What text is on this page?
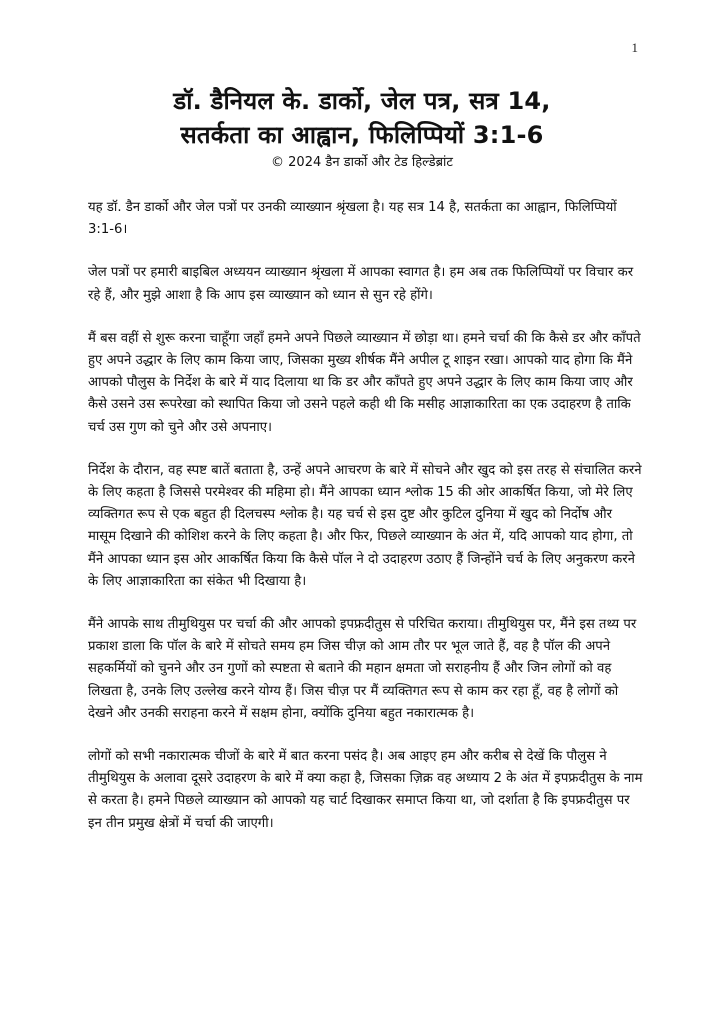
1

डॉ. डैनियल के. डार्को, जेल पत्र, सत्र 14,

सतर्कता का आह्वान, फिलिप्पियों 3:1-6

© 2024 डैन डार्को और टेड हिल्डेब्रांट

यह डॉ. डैन डार्को और जेल पत्रों पर उनकी व्याख्यान श्रृंखला है। यह सत्र 14 है, सतर्कता का आह्वान, फिलिप्पियों 3:1-6।

जेल पत्रों पर हमारी बाइबिल अध्ययन व्याख्यान श्रृंखला में आपका स्वागत है। हम अब तक फिलिप्पियों पर विचार कर रहे हैं, और मुझे आशा है कि आप इस व्याख्यान को ध्यान से सुन रहे होंगे।

मैं बस वहीं से शुरू करना चाहूँगा जहाँ हमने अपने पिछले व्याख्यान में छोड़ा था। हमने चर्चा की कि कैसे डर और काँपते हुए अपने उद्धार के लिए काम किया जाए, जिसका मुख्य शीर्षक मैंने अपील टू शाइन रखा। आपको याद होगा कि मैंने आपको पौलुस के निर्देश के बारे में याद दिलाया था कि डर और काँपते हुए अपने उद्धार के लिए काम किया जाए और कैसे उसने उस रूपरेखा को स्थापित किया जो उसने पहले कही थी कि मसीह आज्ञाकारिता का एक उदाहरण है ताकि चर्च उस गुण को चुने और उसे अपनाए।

निर्देश के दौरान, वह स्पष्ट बातें बताता है, उन्हें अपने आचरण के बारे में सोचने और खुद को इस तरह से संचालित करने के लिए कहता है जिससे परमेश्वर की महिमा हो। मैंने आपका ध्यान श्लोक 15 की ओर आकर्षित किया, जो मेरे लिए व्यक्तिगत रूप से एक बहुत ही दिलचस्प श्लोक है। यह चर्च से इस दुष्ट और कुटिल दुनिया में खुद को निर्दोष और मासूम दिखाने की कोशिश करने के लिए कहता है। और फिर, पिछले व्याख्यान के अंत में, यदि आपको याद होगा, तो मैंने आपका ध्यान इस ओर आकर्षित किया कि कैसे पॉल ने दो उदाहरण उठाए हैं जिन्होंने चर्च के लिए अनुकरण करने के लिए आज्ञाकारिता का संकेत भी दिखाया है।

मैंने आपके साथ तीमुथियुस पर चर्चा की और आपको इपफ्रदीतुस से परिचित कराया। तीमुथियुस पर, मैंने इस तथ्य पर प्रकाश डाला कि पॉल के बारे में सोचते समय हम जिस चीज़ को आम तौर पर भूल जाते हैं, वह है पॉल की अपने सहकर्मियों को चुनने और उन गुणों को स्पष्टता से बताने की महान क्षमता जो सराहनीय हैं और जिन लोगों को वह लिखता है, उनके लिए उल्लेख करने योग्य हैं। जिस चीज़ पर मैं व्यक्तिगत रूप से काम कर रहा हूँ, वह है लोगों को देखने और उनकी सराहना करने में सक्षम होना, क्योंकि दुनिया बहुत नकारात्मक है।

लोगों को सभी नकारात्मक चीजों के बारे में बात करना पसंद है। अब आइए हम और करीब से देखें कि पौलुस ने तीमुथियुस के अलावा दूसरे उदाहरण के बारे में क्या कहा है, जिसका ज़िक्र वह अध्याय 2 के अंत में इपफ्रदीतुस के नाम से करता है। हमने पिछले व्याख्यान को आपको यह चार्ट दिखाकर समाप्त किया था, जो दर्शाता है कि इपफ्रदीतुस पर इन तीन प्रमुख क्षेत्रों में चर्चा की जाएगी।
